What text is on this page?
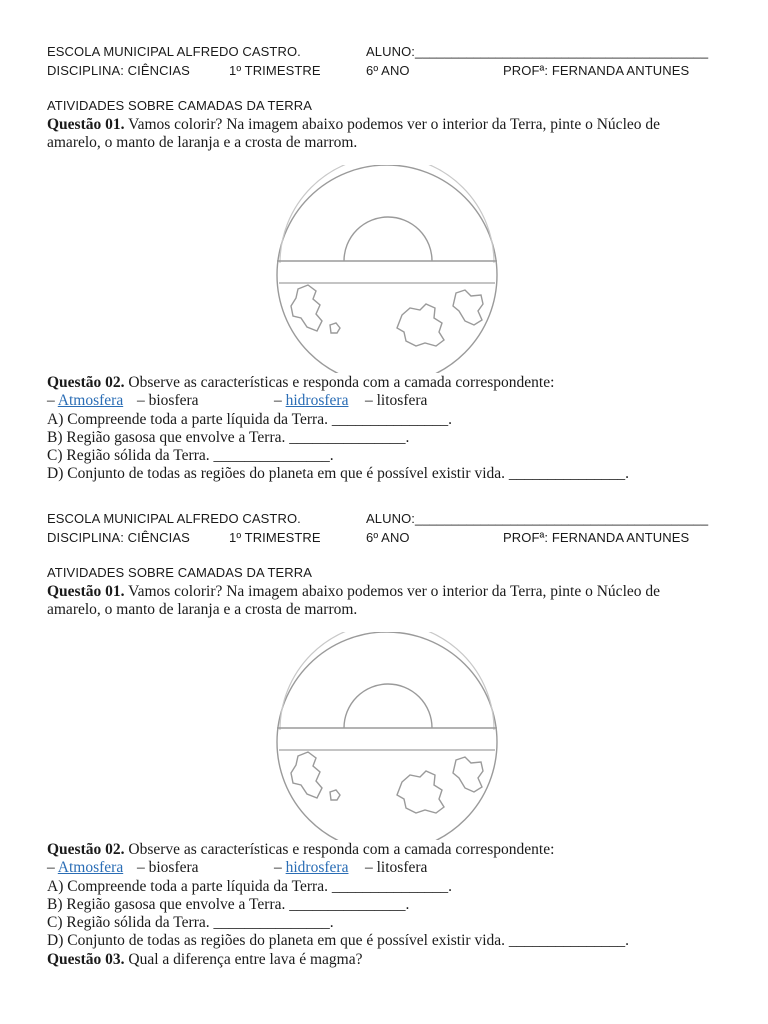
ESCOLA MUNICIPAL ALFREDO CASTRO.	ALUNO:________________________________________
DISCIPLINA: CIÊNCIAS	1º TRIMESTRE	6º ANO	PROFª: FERNANDA ANTUNES
ATIVIDADES SOBRE CAMADAS DA TERRA
Questão 01. Vamos colorir? Na imagem abaixo podemos ver o interior da Terra, pinte o Núcleo de
amarelo, o manto de laranja e a crosta de marrom.
Questão 02. Observe as características e responda com a camada correspondente:
– Atmosfera – biosfera	– hidrosfera – litosfera
A) Compreende toda a parte líquida da Terra. _______________.
B) Região gasosa que envolve a Terra. _______________.
C) Região sólida da Terra. _______________.
D) Conjunto de todas as regiões do planeta em que é possível existir vida. _______________.
ESCOLA MUNICIPAL ALFREDO CASTRO.	ALUNO:________________________________________
DISCIPLINA: CIÊNCIAS	1º TRIMESTRE	6º ANO	PROFª: FERNANDA ANTUNES
ATIVIDADES SOBRE CAMADAS DA TERRA
Questão 01. Vamos colorir? Na imagem abaixo podemos ver o interior da Terra, pinte o Núcleo de
amarelo, o manto de laranja e a crosta de marrom.
Questão 02. Observe as características e responda com a camada correspondente:
– Atmosfera – biosfera	– hidrosfera – litosfera
A) Compreende toda a parte líquida da Terra. _______________.
B) Região gasosa que envolve a Terra. _______________.
C) Região sólida da Terra. _______________.
D) Conjunto de todas as regiões do planeta em que é possível existir vida. _______________.
Questão 03. Qual a diferença entre lava é magma?
